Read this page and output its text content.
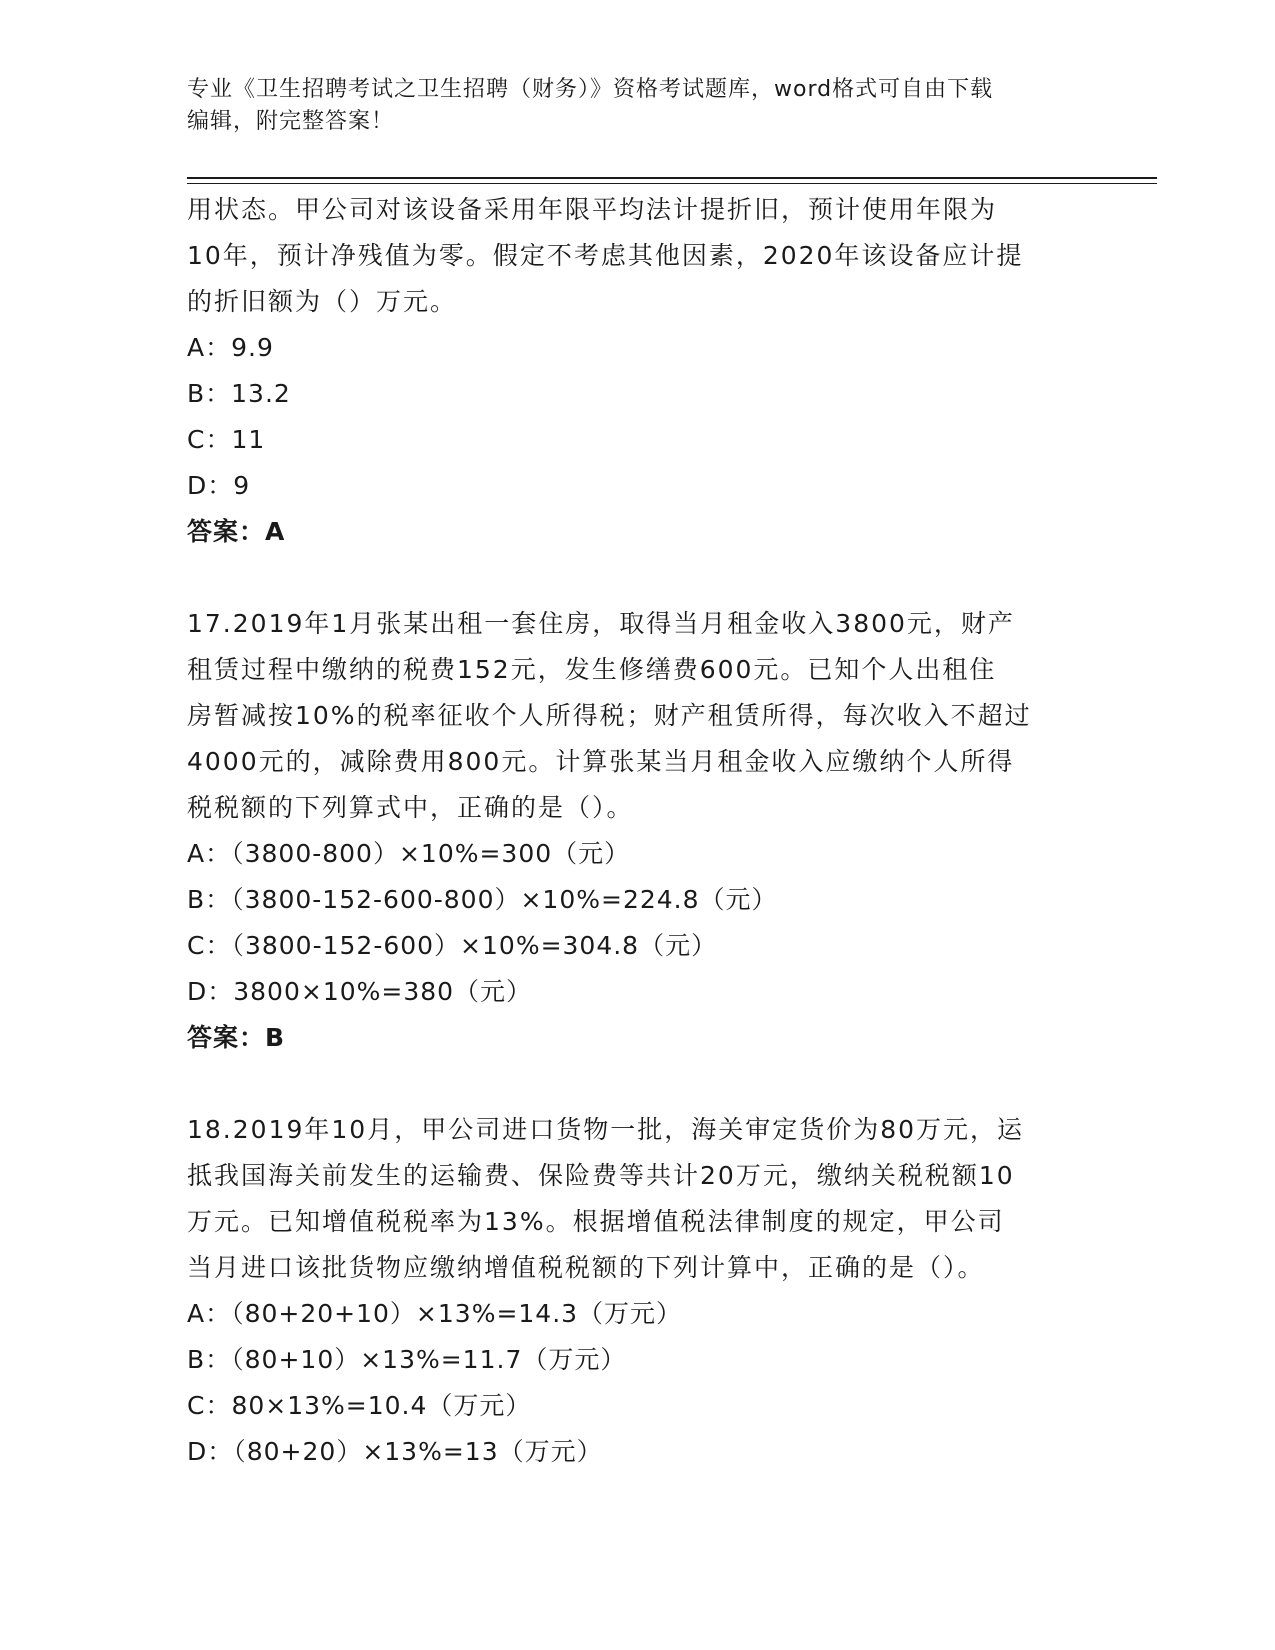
专业《卫生招聘考试之卫生招聘（财务）》资格考试题库，word格式可自由下载
编辑，附完整答案！

用状态。甲公司对该设备采用年限平均法计提折旧，预计使用年限为

10年，预计净残值为零。假定不考虑其他因素，2020年该设备应计提

的折旧额为（）万元。

A：9.9

B：13.2

C：11

D：9

答案：A

17.2019年1月张某出租一套住房，取得当月租金收入3800元，财产

租赁过程中缴纳的税费152元，发生修缮费600元。已知个人出租住

房暂减按10%的税率征收个人所得税；财产租赁所得，每次收入不超过

4000元的，减除费用800元。计算张某当月租金收入应缴纳个人所得

税税额的下列算式中，正确的是（）。

A：（3800-800）×10%=300（元）

B：（3800-152-600-800）×10%=224.8（元）

C：（3800-152-600）×10%=304.8（元）

D：3800×10%=380（元）

答案：B

18.2019年10月，甲公司进口货物一批，海关审定货价为80万元，运

抵我国海关前发生的运输费、保险费等共计20万元，缴纳关税税额10

万元。已知增值税税率为13%。根据增值税法律制度的规定，甲公司

当月进口该批货物应缴纳增值税税额的下列计算中，正确的是（）。

A：（80+20+10）×13%=14.3（万元）

B：（80+10）×13%=11.7（万元）

C：80×13%=10.4（万元）

D：（80+20）×13%=13（万元）
